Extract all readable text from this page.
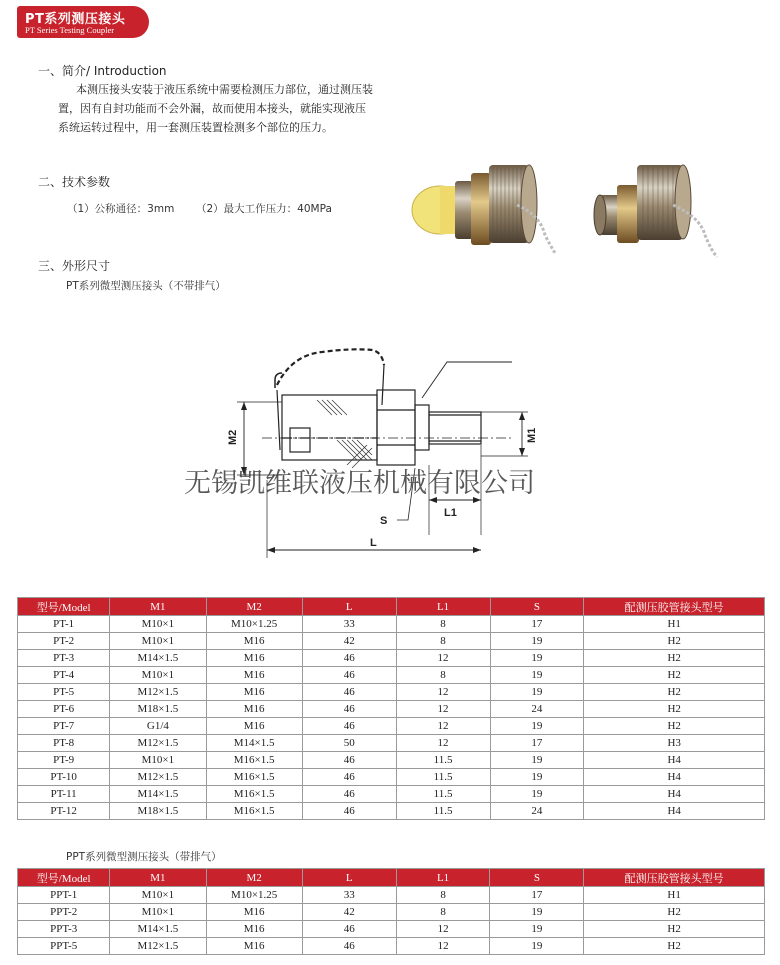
PT系列测压接头
PT Series Testing Coupler
一、简介/ Introduction
本测压接头安装于液压系统中需要检测压力部位，通过测压装
置，因有自封功能而不会外漏，故而使用本接头，就能实现液压
系统运转过程中，用一套测压装置检测多个部位的压力。
二、技术参数
（1）公称通径：3mm （2）最大工作压力：40MPa
三、外形尺寸
PT系列微型测压接头（不带排气）
M2	M1
S
L1
L
无锡凯维联液压机械有限公司
型号/Model	M1	M2	L	L1	S	配测压胶管接头型号
PT-1	M10×1	M10×1.25	33	8	17	H1
PT-2	M10×1	M16	42	8	19	H2
PT-3	M14×1.5	M16	46	12	19	H2
PT-4	M10×1	M16	46	8	19	H2
PT-5	M12×1.5	M16	46	12	19	H2
PT-6	M18×1.5	M16	46	12	24	H2
PT-7	G1/4	M16	46	12	19	H2
PT-8	M12×1.5	M14×1.5	50	12	17	H3
PT-9	M10×1	M16×1.5	46	11.5	19	H4
PT-10	M12×1.5	M16×1.5	46	11.5	19	H4
PT-11	M14×1.5	M16×1.5	46	11.5	19	H4
PT-12	M18×1.5	M16×1.5	46	11.5	24	H4
PPT系列微型测压接头（带排气）
型号/Model	M1	M2	L	L1	S	配测压胶管接头型号
PPT-1	M10×1	M10×1.25	33	8	17	H1
PPT-2	M10×1	M16	42	8	19	H2
PPT-3	M14×1.5	M16	46	12	19	H2
PPT-5	M12×1.5	M16	46	12	19	H2
